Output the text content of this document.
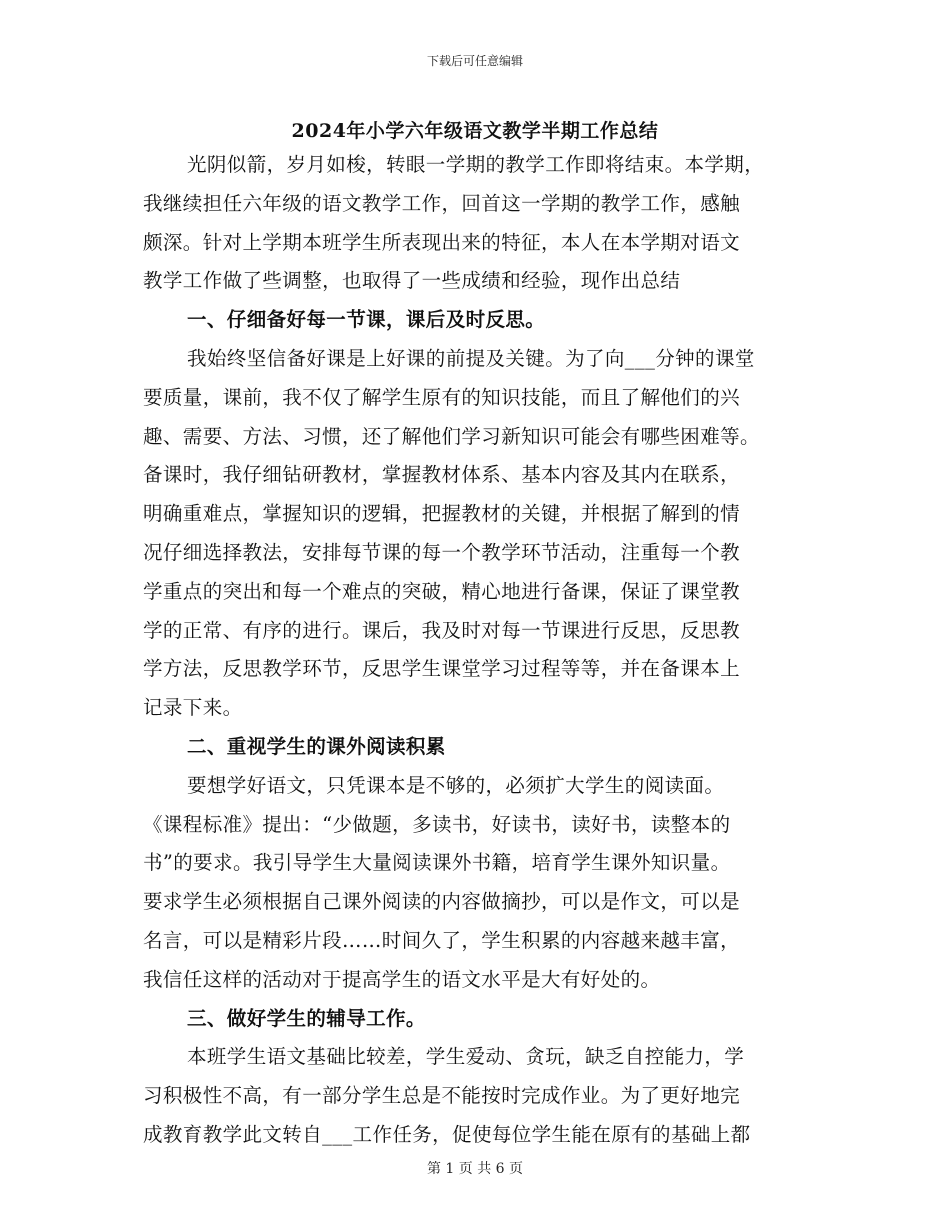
下载后可任意编辑
2024年小学六年级语文教学半期工作总结
光阴似箭，岁月如梭，转眼一学期的教学工作即将结束。本学期，
我继续担任六年级的语文教学工作，回首这一学期的教学工作，感触
颇深。针对上学期本班学生所表现出来的特征，本人在本学期对语文
教学工作做了些调整，也取得了一些成绩和经验，现作出总结
一、仔细备好每一节课，课后及时反思。
我始终坚信备好课是上好课的前提及关键。为了向___分钟的课堂
要质量，课前，我不仅了解学生原有的知识技能，而且了解他们的兴
趣、需要、方法、习惯，还了解他们学习新知识可能会有哪些困难等。
备课时，我仔细钻研教材，掌握教材体系、基本内容及其内在联系，
明确重难点，掌握知识的逻辑，把握教材的关键，并根据了解到的情
况仔细选择教法，安排每节课的每一个教学环节活动，注重每一个教
学重点的突出和每一个难点的突破，精心地进行备课，保证了课堂教
学的正常、有序的进行。课后，我及时对每一节课进行反思，反思教
学方法，反思教学环节，反思学生课堂学习过程等等，并在备课本上
记录下来。
二、重视学生的课外阅读积累
要想学好语文，只凭课本是不够的，必须扩大学生的阅读面。
《课程标准》提出：“少做题，多读书，好读书，读好书，读整本的
书”的要求。我引导学生大量阅读课外书籍，培育学生课外知识量。
要求学生必须根据自己课外阅读的内容做摘抄，可以是作文，可以是
名言，可以是精彩片段……时间久了，学生积累的内容越来越丰富，
我信任这样的活动对于提高学生的语文水平是大有好处的。
三、做好学生的辅导工作。
本班学生语文基础比较差，学生爱动、贪玩，缺乏自控能力，学
习积极性不高，有一部分学生总是不能按时完成作业。为了更好地完
成教育教学此文转自___工作任务，促使每位学生能在原有的基础上都
第 1 页 共 6 页
